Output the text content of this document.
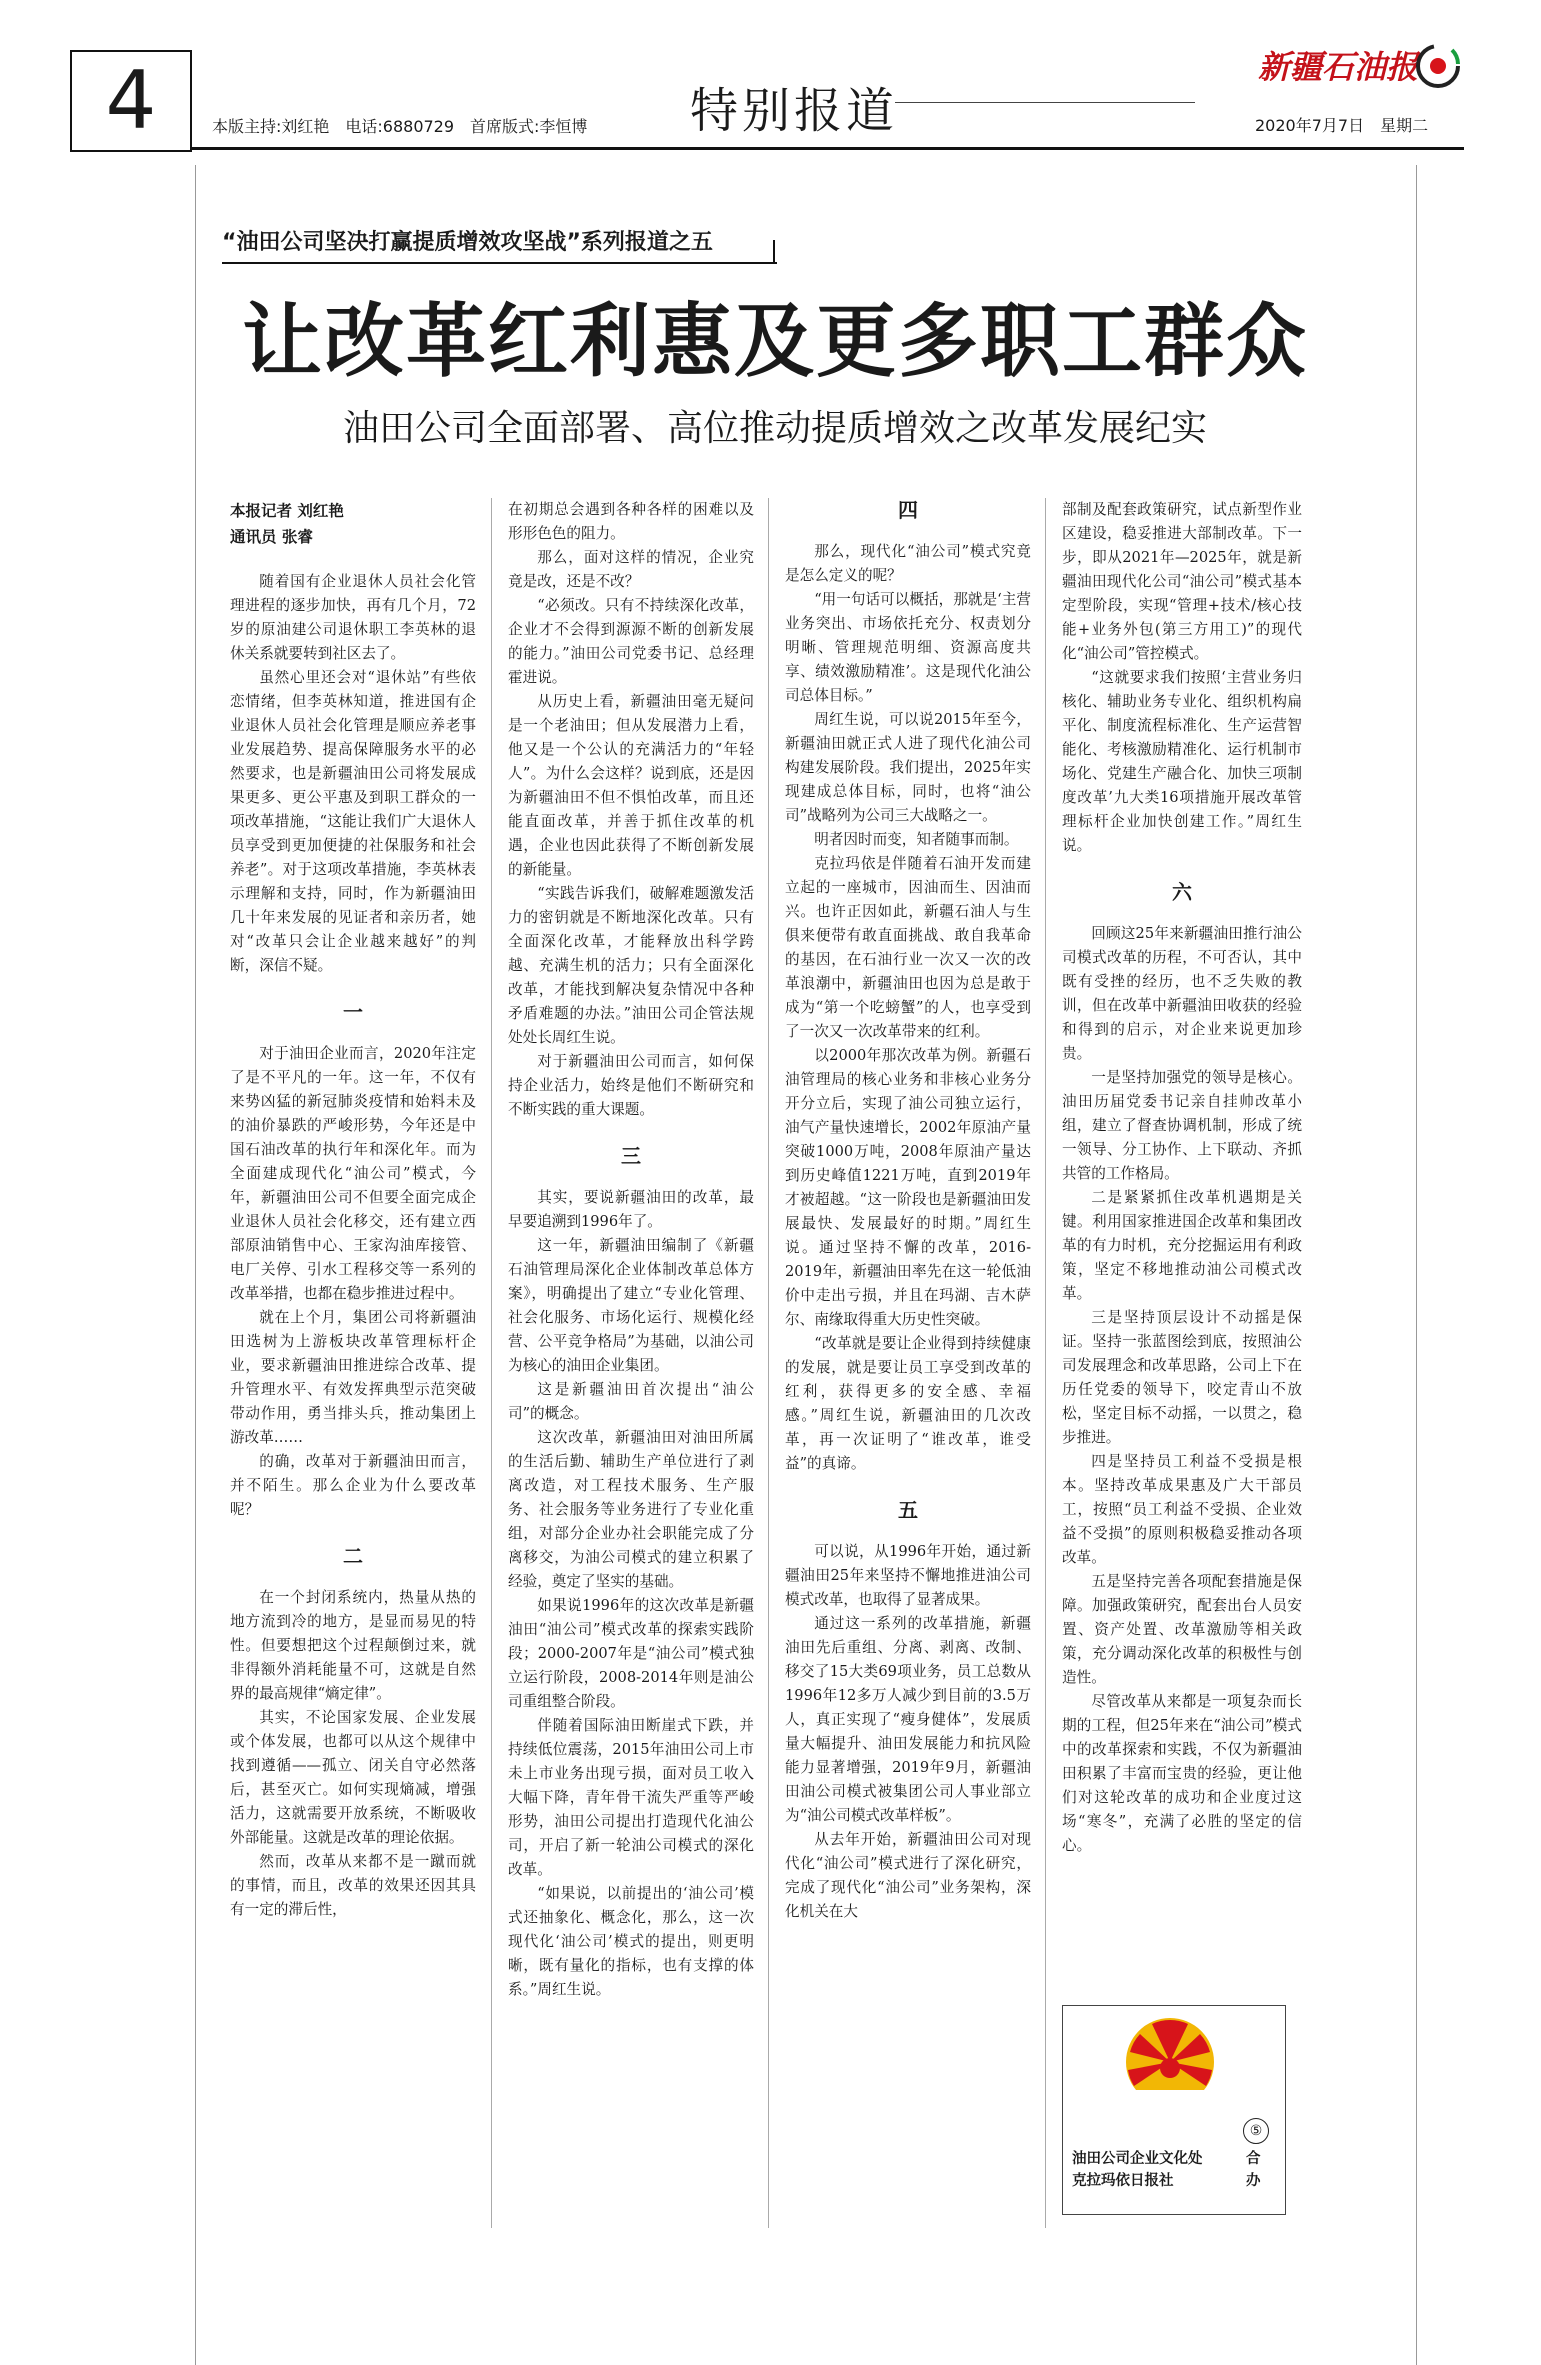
4	本版主持:刘红艳　电话:6880729　首席版式:李恒博 特别报道
新疆石油报
2020年7月7日　星期二
“油田公司坚决打赢提质增效攻坚战”系列报道之五
让改革红利惠及更多职工群众
油田公司全面部署、高位推动提质增效之改革发展纪实
本报记者 刘红艳
通讯员 张睿

随着国有企业退休人员社会化管理进程的逐步加快，再有几个月，72岁的原油建公司退休职工李英林的退休关系就要转到社区去了。

虽然心里还会对“退休站”有些依恋情绪，但李英林知道，推进国有企业退休人员社会化管理是顺应养老事业发展趋势、提高保障服务水平的必然要求，也是新疆油田公司将发展成果更多、更公平惠及到职工群众的一项改革措施，“这能让我们广大退休人员享受到更加便捷的社保服务和社会养老”。对于这项改革措施，李英林表示理解和支持，同时，作为新疆油田几十年来发展的见证者和亲历者，她对“改革只会让企业越来越好”的判断，深信不疑。

一

对于油田企业而言，2020年注定了是不平凡的一年。这一年，不仅有来势凶猛的新冠肺炎疫情和始料未及的油价暴跌的严峻形势，今年还是中国石油改革的执行年和深化年。而为全面建成现代化“油公司”模式，今年，新疆油田公司不但要全面完成企业退休人员社会化移交，还有建立西部原油销售中心、王家沟油库接管、电厂关停、引水工程移交等一系列的改革举措，也都在稳步推进过程中。

就在上个月，集团公司将新疆油田选树为上游板块改革管理标杆企业，要求新疆油田推进综合改革、提升管理水平、有效发挥典型示范突破带动作用，勇当排头兵，推动集团上游改革……

的确，改革对于新疆油田而言，并不陌生。那么企业为什么要改革呢？

二

在一个封闭系统内，热量从热的地方流到冷的地方，是显而易见的特性。但要想把这个过程颠倒过来，就非得额外消耗能量不可，这就是自然界的最高规律“熵定律”。

其实，不论国家发展、企业发展或个体发展，也都可以从这个规律中找到遵循——孤立、闭关自守必然落后，甚至灭亡。如何实现熵减，增强活力，这就需要开放系统，不断吸收外部能量。这就是改革的理论依据。

然而，改革从来都不是一蹴而就的事情，而且，改革的效果还因其具有一定的滞后性，

在初期总会遇到各种各样的困难以及形形色色的阻力。

那么，面对这样的情况，企业究竟是改，还是不改？

“必须改。只有不持续深化改革，企业才不会得到源源不断的创新发展的能力。”油田公司党委书记、总经理霍进说。

从历史上看，新疆油田毫无疑问是一个老油田；但从发展潜力上看，他又是一个公认的充满活力的“年轻人”。为什么会这样？说到底，还是因为新疆油田不但不惧怕改革，而且还能直面改革，并善于抓住改革的机遇，企业也因此获得了不断创新发展的新能量。

“实践告诉我们，破解难题激发活力的密钥就是不断地深化改革。只有全面深化改革，才能释放出科学跨越、充满生机的活力；只有全面深化改革，才能找到解决复杂情况中各种矛盾难题的办法。”油田公司企管法规处处长周红生说。

对于新疆油田公司而言，如何保持企业活力，始终是他们不断研究和不断实践的重大课题。

三

其实，要说新疆油田的改革，最早要追溯到1996年了。

这一年，新疆油田编制了《新疆石油管理局深化企业体制改革总体方案》，明确提出了建立“专业化管理、社会化服务、市场化运行、规模化经营、公平竞争格局”为基础，以油公司为核心的油田企业集团。

这是新疆油田首次提出“油公司”的概念。

这次改革，新疆油田对油田所属的生活后勤、辅助生产单位进行了剥离改造，对工程技术服务、生产服务、社会服务等业务进行了专业化重组，对部分企业办社会职能完成了分离移交，为油公司模式的建立积累了经验，奠定了坚实的基础。

如果说1996年的这次改革是新疆油田“油公司”模式改革的探索实践阶段；2000-2007年是“油公司”模式独立运行阶段，2008-2014年则是油公司重组整合阶段。

伴随着国际油田断崖式下跌，并持续低位震荡，2015年油田公司上市未上市业务出现亏损，面对员工收入大幅下降，青年骨干流失严重等严峻形势，油田公司提出打造现代化油公司，开启了新一轮油公司模式的深化改革。

“如果说，以前提出的‘油公司’模式还抽象化、概念化，那么，这一次现代化‘油公司’模式的提出，则更明晰，既有量化的指标，也有支撑的体系。”周红生说。

四

那么，现代化“油公司”模式究竟是怎么定义的呢？

“用一句话可以概括，那就是‘主营业务突出、市场依托充分、权责划分明晰、管理规范明细、资源高度共享、绩效激励精准’。这是现代化油公司总体目标。”

周红生说，可以说2015年至今，新疆油田就正式人进了现代化油公司构建发展阶段。我们提出，2025年实现建成总体目标，同时，也将“油公司”战略列为公司三大战略之一。

明者因时而变，知者随事而制。

克拉玛依是伴随着石油开发而建立起的一座城市，因油而生、因油而兴。也许正因如此，新疆石油人与生俱来便带有敢直面挑战、敢自我革命的基因，在石油行业一次又一次的改革浪潮中，新疆油田也因为总是敢于成为“第一个吃螃蟹”的人，也享受到了一次又一次改革带来的红利。

以2000年那次改革为例。新疆石油管理局的核心业务和非核心业务分开分立后，实现了油公司独立运行，油气产量快速增长，2002年原油产量突破1000万吨，2008年原油产量达到历史峰值1221万吨，直到2019年才被超越。“这一阶段也是新疆油田发展最快、发展最好的时期。”周红生说。通过坚持不懈的改革，2016-2019年，新疆油田率先在这一轮低油价中走出亏损，并且在玛湖、吉木萨尔、南缘取得重大历史性突破。

“改革就是要让企业得到持续健康的发展，就是要让员工享受到改革的红利，获得更多的安全感、幸福感。”周红生说，新疆油田的几次改革，再一次证明了“谁改革，谁受益”的真谛。

五

可以说，从1996年开始，通过新疆油田25年来坚持不懈地推进油公司模式改革，也取得了显著成果。

通过这一系列的改革措施，新疆油田先后重组、分离、剥离、改制、移交了15大类69项业务，员工总数从1996年12多万人减少到目前的3.5万人，真正实现了“瘦身健体”，发展质量大幅提升、油田发展能力和抗风险能力显著增强，2019年9月，新疆油田油公司模式被集团公司人事业部立为“油公司模式改革样板”。

从去年开始，新疆油田公司对现代化“油公司”模式进行了深化研究，完成了现代化“油公司”业务架构，深化机关在大

部制及配套政策研究，试点新型作业区建设，稳妥推进大部制改革。下一步，即从2021年—2025年，就是新疆油田现代化公司“油公司”模式基本定型阶段，实现“管理+技术/核心技能+业务外包(第三方用工)”的现代化“油公司”管控模式。

“这就要求我们按照‘主营业务归核化、辅助业务专业化、组织机构扁平化、制度流程标准化、生产运营智能化、考核激励精准化、运行机制市场化、党建生产融合化、加快三项制度改革’九大类16项措施开展改革管理标杆企业加快创建工作。”周红生说。

六

回顾这25年来新疆油田推行油公司模式改革的历程，不可否认，其中既有受挫的经历，也不乏失败的教训，但在改革中新疆油田收获的经验和得到的启示，对企业来说更加珍贵。

一是坚持加强党的领导是核心。油田历届党委书记亲自挂帅改革小组，建立了督查协调机制，形成了统一领导、分工协作、上下联动、齐抓共管的工作格局。

二是紧紧抓住改革机遇期是关键。利用国家推进国企改革和集团改革的有力时机，充分挖掘运用有利政策，坚定不移地推动油公司模式改革。

三是坚持顶层设计不动摇是保证。坚持一张蓝图绘到底，按照油公司发展理念和改革思路，公司上下在历任党委的领导下，咬定青山不放松，坚定目标不动摇，一以贯之，稳步推进。

四是坚持员工利益不受损是根本。坚持改革成果惠及广大干部员工，按照“员工利益不受损、企业效益不受损”的原则积极稳妥推动各项改革。

五是坚持完善各项配套措施是保障。加强政策研究，配套出台人员安置、资产处置、改革激励等相关政策，充分调动深化改革的积极性与创造性。

尽管改革从来都是一项复杂而长期的工程，但25年来在“油公司”模式中的改革探索和实践，不仅为新疆油田积累了丰富而宝贵的经验，更让他们对这轮改革的成功和企业度过这场“寒冬”，充满了必胜的坚定的信心。

⑤
油田公司企业文化处
克拉玛依日报社
合办
